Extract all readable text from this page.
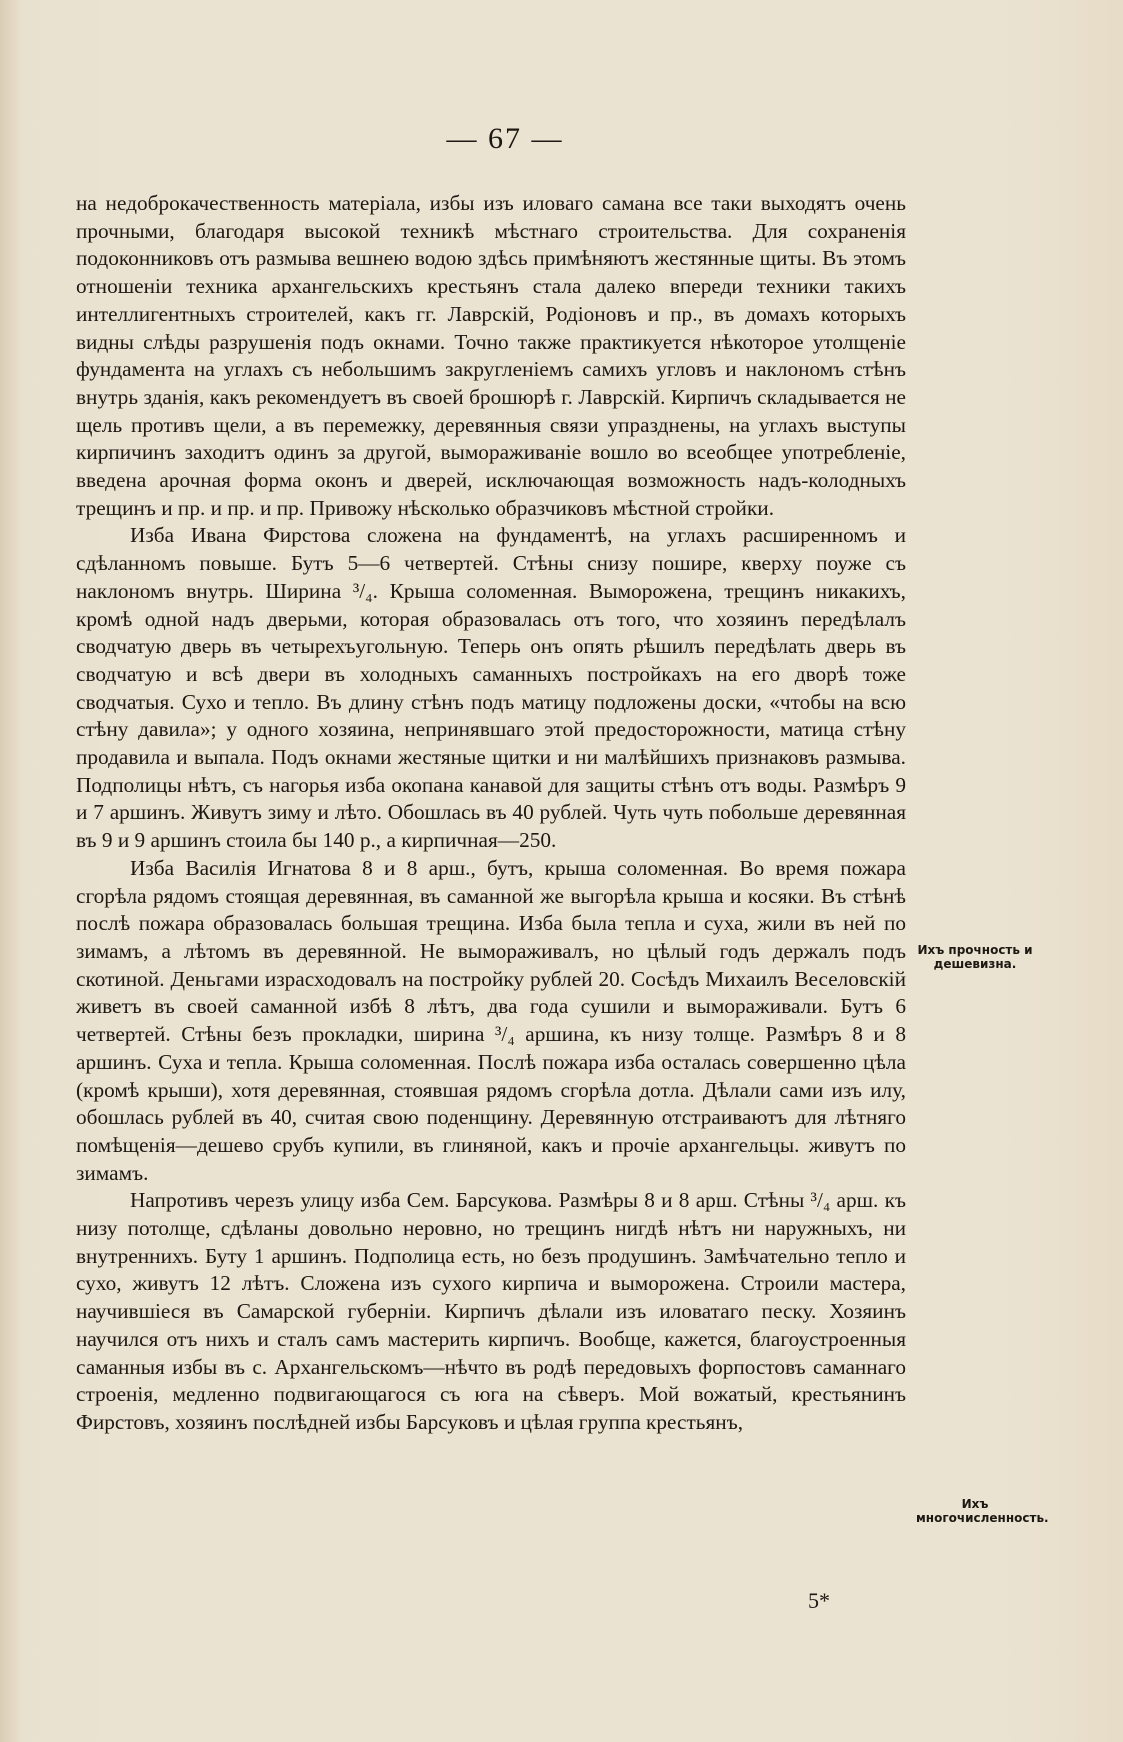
— 67 —

на недоброкачественность матеріала, избы изъ иловаго самана все таки выходятъ очень прочными, благодаря высокой техникѣ мѣстнаго строительства. Для сохраненія подоконниковъ отъ размыва вешнею водою здѣсь примѣняютъ жестянные щиты. Въ этомъ отношеніи техника архангельскихъ крестьянъ стала далеко впереди техники такихъ интеллигентныхъ строителей, какъ гг. Лаврскій, Родіоновъ и пр., въ домахъ которыхъ видны слѣды разрушенія подъ окнами. Точно также практикуется нѣкоторое утолщеніе фундамента на углахъ съ небольшимъ закругленіемъ самихъ угловъ и наклономъ стѣнъ внутрь зданія, какъ рекомендуетъ въ своей брошюрѣ г. Лаврскій. Кирпичъ складывается не щель противъ щели, а въ перемежку, деревянныя связи упразднены, на углахъ выступы кирпичинъ заходитъ одинъ за другой, вымораживаніе вошло во всеобщее употребленіе, введена арочная форма оконъ и дверей, исключающая возможность надъ-колодныхъ трещинъ и пр. и пр. и пр. Привожу нѣсколько образчиковъ мѣстной стройки.

Изба Ивана Фирстова сложена на фундаментѣ, на углахъ расширенномъ и сдѣланномъ повыше. Бутъ 5—6 четвертей. Стѣны снизу пошире, кверху поуже съ наклономъ внутрь. Ширина ³/₄. Крыша соломенная. Выморожена, трещинъ никакихъ, кромѣ одной надъ дверьми, которая образовалась отъ того, что хозяинъ передѣлалъ сводчатую дверь въ четырехъугольную. Теперь онъ опять рѣшилъ передѣлать дверь въ сводчатую и всѣ двери въ холодныхъ саманныхъ постройкахъ на его дворѣ тоже сводчатыя. Сухо и тепло. Въ длину стѣнъ подъ матицу подложены доски, «чтобы на всю стѣну давила»; у одного хозяина, непринявшаго этой предосторожности, матица стѣну продавила и выпала. Подъ окнами жестяные щитки и ни малѣйшихъ признаковъ размыва. Подполицы нѣтъ, съ нагорья изба окопана канавой для защиты стѣнъ отъ воды. Размѣръ 9 и 7 аршинъ. Живутъ зиму и лѣто. Обошлась въ 40 рублей. Чуть чуть побольше деревянная въ 9 и 9 аршинъ стоила бы 140 р., а кирпичная—250.

Изба Василія Игнатова 8 и 8 арш., бутъ, крыша соломенная. Во время пожара сгорѣла рядомъ стоящая деревянная, въ саманной же выгорѣла крыша и косяки. Въ стѣнѣ послѣ пожара образовалась большая трещина. Изба была тепла и суха, жили въ ней по зимамъ, а лѣтомъ въ деревянной. Не вымораживалъ, но цѣлый годъ держалъ подъ скотиной. Деньгами израсходовалъ на постройку рублей 20. Сосѣдъ Михаилъ Веселовскій живетъ въ своей саманной избѣ 8 лѣтъ, два года сушили и вымораживали. Бутъ 6 четвертей. Стѣны безъ прокладки, ширина ³/₄ аршина, къ низу толще. Размѣръ 8 и 8 аршинъ. Суха и тепла. Крыша соломенная. Послѣ пожара изба осталась совершенно цѣла (кромѣ крыши), хотя деревянная, стоявшая рядомъ сгорѣла дотла. Дѣлали сами изъ илу, обошлась рублей въ 40, считая свою поденщину. Деревянную отстраиваютъ для лѣтняго помѣщенія—дешево срубъ купили, въ глиняной, какъ и прочіе архангельцы. живутъ по зимамъ.

Напротивъ черезъ улицу изба Сем. Барсукова. Размѣры 8 и 8 арш. Стѣны ³/₄ арш. къ низу потолще, сдѣланы довольно неровно, но трещинъ нигдѣ нѣтъ ни наружныхъ, ни внутреннихъ. Буту 1 аршинъ. Подполица есть, но безъ продушинъ. Замѣчательно тепло и сухо, живутъ 12 лѣтъ. Сложена изъ сухого кирпича и выморожена. Строили мастера, научившіеся въ Самарской губерніи. Кирпичъ дѣлали изъ иловатаго песку. Хозяинъ научился отъ нихъ и сталъ самъ мастерить кирпичъ. Вообще, кажется, благоустроенныя саманныя избы въ с. Архангельскомъ—нѣчто въ родѣ передовыхъ форпостовъ саманнаго строенія, медленно подвигающагося съ юга на сѣверъ. Мой вожатый, крестьянинъ Фирстовъ, хозяинъ послѣдней избы Барсуковъ и цѣлая группа крестьянъ,

Ихъ прочность и дешевизна.
Ихъ многочисленность.
5*
